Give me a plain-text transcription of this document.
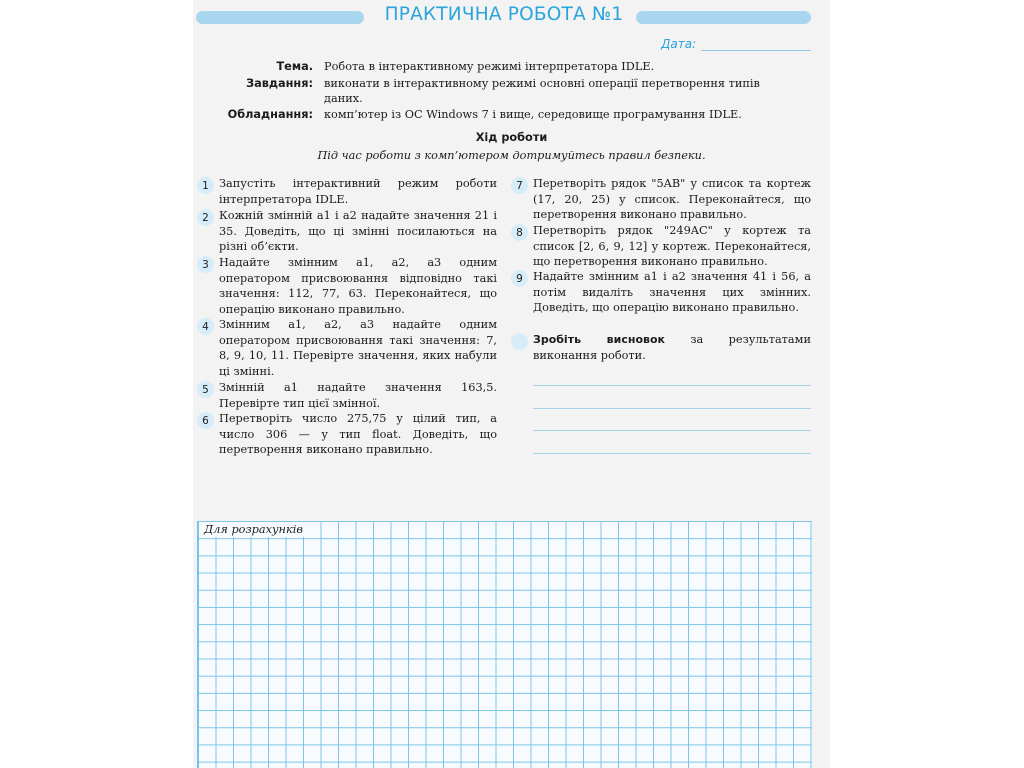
ПРАКТИЧНА РОБОТА №1
Дата:
Тема. Робота в інтерактивному режимі інтерпретатора IDLE.
Завдання: виконати в інтерактивному режимі основні операції перетворення типів даних.
Обладнання: комп’ютер із ОС Windows 7 і вище, середовище програмування IDLE.
Хід роботи
Під час роботи з комп’ютером дотримуйтесь правил безпеки.
1 Запустіть інтерактивний режим роботи інтерпретатора IDLE.
2 Кожній змінній а1 і а2 надайте значення 21 і 35. Доведіть, що ці змінні посилаються на різні об’єкти.
3 Надайте змінним а1, а2, а3 одним оператором присвоювання відповідно такі значення: 112, 77, 63. Переконайтеся, що операцію виконано правильно.
4 Змінним а1, а2, а3 надайте одним оператором присвоювання такі значення: 7, 8, 9, 10, 11. Перевірте значення, яких набули ці змінні.
5 Змінній а1 надайте значення 163,5. Перевірте тип цієї змінної.
6 Перетворіть число 275,75 у цілий тип, а число 306 — у тип float. Доведіть, що перетворення виконано правильно.
7 Перетворіть рядок "5AB" у список та кортеж (17, 20, 25) у список. Переконайтеся, що перетворення виконано правильно.
8 Перетворіть рядок "249AC" у кортеж та список [2, 6, 9, 12] у кортеж. Переконайтеся, що перетворення виконано правильно.
9 Надайте змінним а1 і а2 значення 41 і 56, а потім видаліть значення цих змінних. Доведіть, що операцію виконано правильно.
Зробіть висновок за результатами виконання роботи.
Для розрахунків
